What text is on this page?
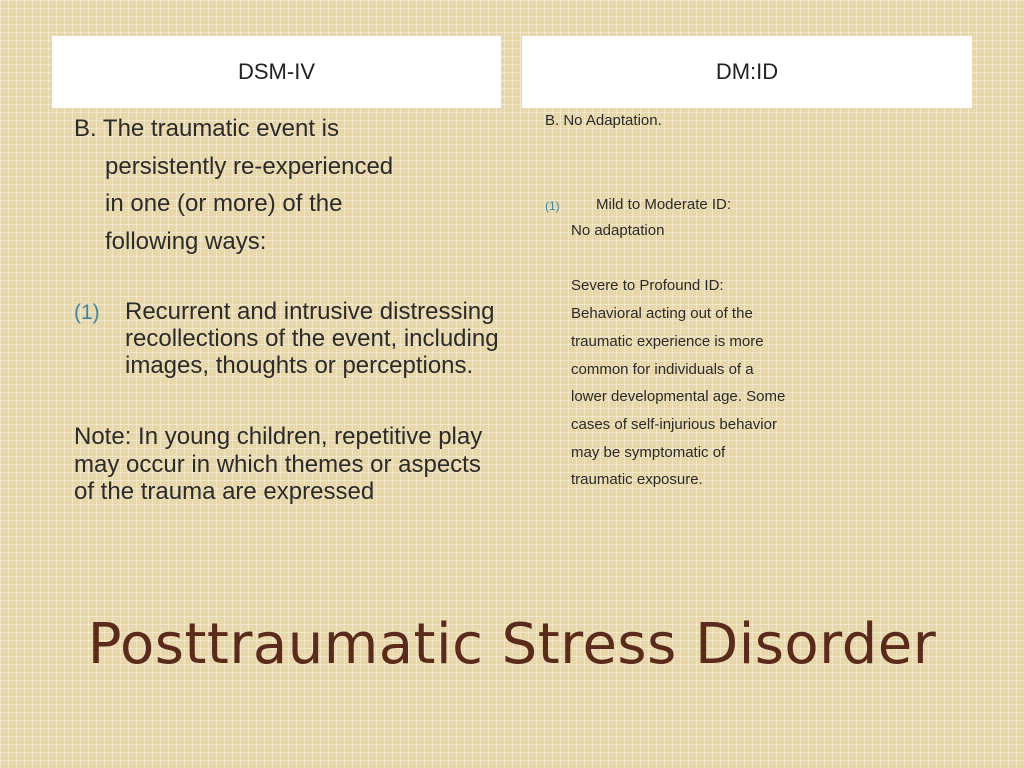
DSM-IV	DM:ID

B. The traumatic event is
persistently re-experienced
in one (or more) of the
following ways:

(1)	Recurrent and intrusive distressing recollections of the event, including images, thoughts or perceptions.
Note: In young children, repetitive play may occur in which themes or aspects of the trauma are expressed

B. No Adaptation.

(1)	Mild to Moderate ID:

No adaptation

Severe to Profound ID: Behavioral acting out of the traumatic experience is more common for individuals of a lower developmental age. Some cases of self-injurious behavior may be symptomatic of traumatic exposure.

Posttraumatic Stress Disorder
